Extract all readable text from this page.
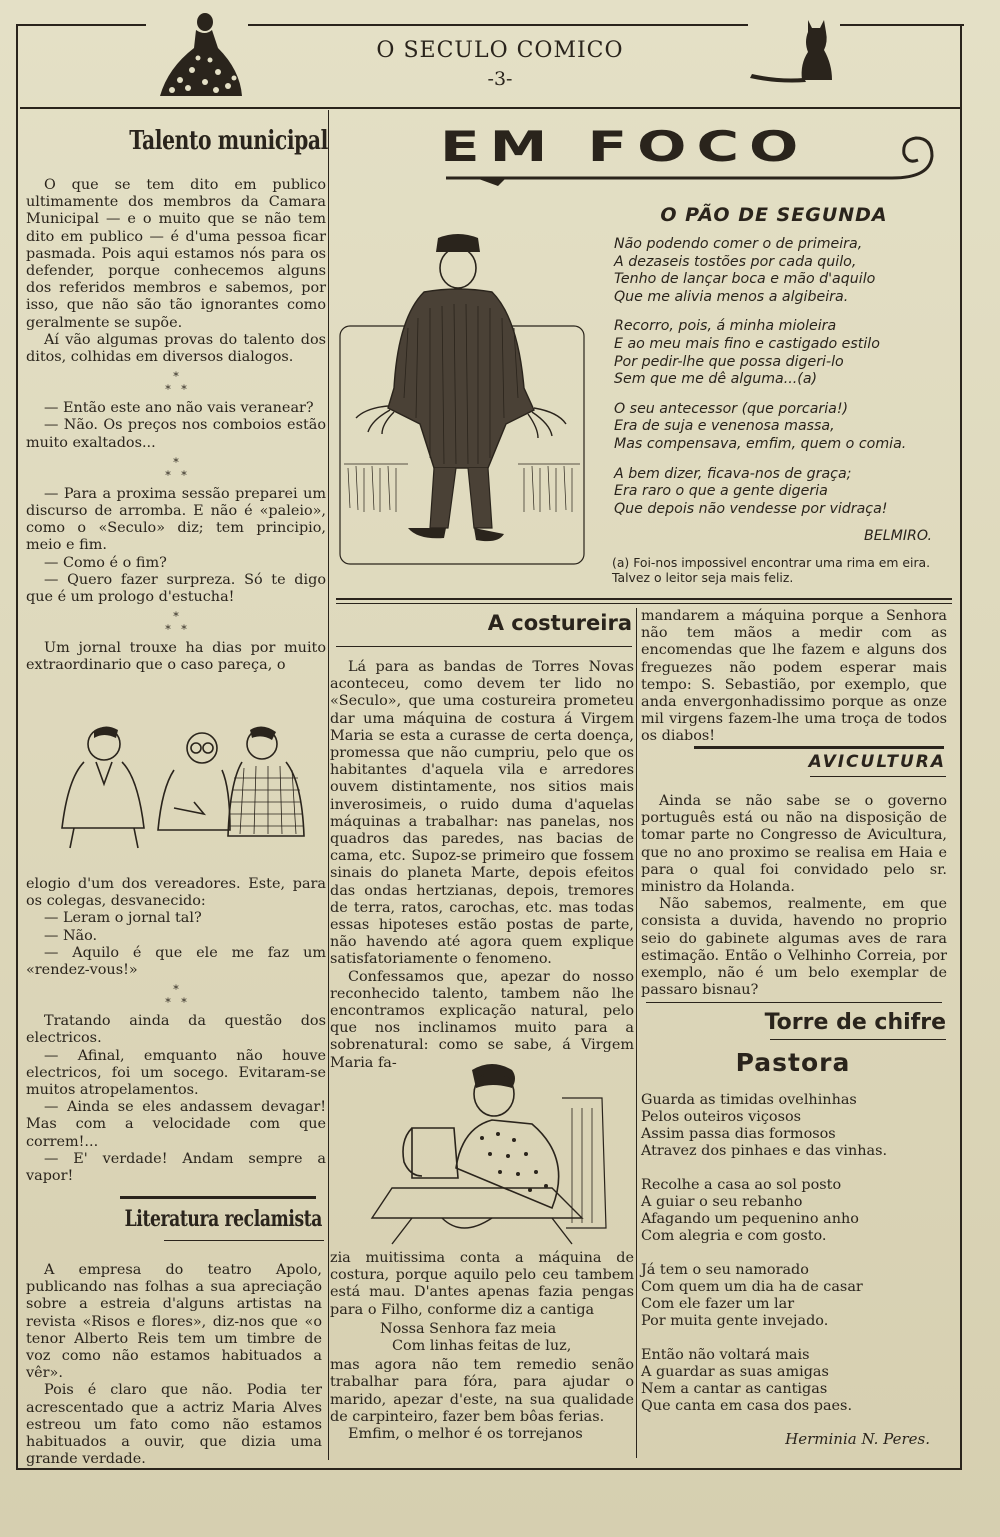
O SECULO COMICO
-3-
Talento municipal

O que se tem dito em publico ultimamente dos membros da Camara Municipal — e o muito que se não tem dito em publico — é d'uma pessoa ficar pasmada. Pois aqui estamos nós para os defender, porque conhecemos alguns dos referidos membros e sabemos, por isso, que não são tão ignorantes como geralmente se supõe.

Aí vão algumas provas do talento dos ditos, colhidas em diversos dialogos.

*
*   *

— Então este ano não vais veranear?

— Não. Os preços nos comboios estão muito exaltados...

*
*   *

— Para a proxima sessão preparei um discurso de arromba. E não é «paleio», como o «Seculo» diz; tem principio, meio e fim.

— Como é o fim?

— Quero fazer surpreza. Só te digo que é um prologo d'estucha!

*
*   *

Um jornal trouxe ha dias por muito extraordinario que o caso pareça, o

elogio d'um dos vereadores. Este, para os colegas, desvanecido:

— Leram o jornal tal?

— Não.

— Aquilo é que ele me faz um «rendez-vous!»

*
*   *

Tratando ainda da questão dos electricos.

— Afinal, emquanto não houve electricos, foi um socego. Evitaram-se muitos atropelamentos.

— Ainda se eles andassem devagar! Mas com a velocidade com que correm!...

— E' verdade! Andam sempre a vapor!

Literatura reclamista

A empresa do teatro Apolo, publicando nas folhas a sua apreciação sobre a estreia d'alguns artistas na revista «Risos e flores», diz-nos que «o tenor Alberto Reis tem um timbre de voz como não estamos habituados a vêr».

Pois é claro que não. Podia ter acrescentado que a actriz Maria Alves estreou um fato como não estamos habituados a ouvir, que dizia uma grande verdade.

EM FOCO
O PÃO DE SEGUNDA
Não podendo comer o de primeira,
A dezaseis tostões por cada quilo,
Tenho de lançar boca e mão d'aquilo
Que me alivia menos a algibeira.
Recorro, pois, á minha mioleira
E ao meu mais fino e castigado estilo
Por pedir-lhe que possa digeri-lo
Sem que me dê alguma...(a)
O seu antecessor (que porcaria!)
Era de suja e venenosa massa,
Mas compensava, emfim, quem o comia.
A bem dizer, ficava-nos de graça;
Era raro o que a gente digeria
Que depois não vendesse por vidraça!
BELMIRO.
(a) Foi-nos impossivel encontrar uma rima em eira. Talvez o leitor seja mais feliz.
A costureira

Lá para as bandas de Torres Novas aconteceu, como devem ter lido no «Seculo», que uma costureira prometeu dar uma máquina de costura á Virgem Maria se esta a curasse de certa doença, promessa que não cumpriu, pelo que os habitantes d'aquela vila e arredores ouvem distintamente, nos sitios mais inverosimeis, o ruido duma d'aquelas máquinas a trabalhar: nas panelas, nos quadros das paredes, nas bacias de cama, etc. Supoz-se primeiro que fossem sinais do planeta Marte, depois efeitos das ondas hertzianas, depois, tremores de terra, ratos, carochas, etc. mas todas essas hipoteses estão postas de parte, não havendo até agora quem explique satisfatoriamente o fenomeno.

Confessamos que, apezar do nosso reconhecido talento, tambem não lhe encontramos explicação natural, pelo que nos inclinamos muito para a sobrenatural: como se sabe, á Virgem Maria fa-

zia muitissima conta a máquina de costura, porque aquilo pelo ceu tambem está mau. D'antes apenas fazia pengas para o Filho, conforme diz a cantiga

Nossa Senhora faz meia
Com linhas feitas de luz,

mas agora não tem remedio senão trabalhar para fóra, para ajudar o marido, apezar d'este, na sua qualidade de carpinteiro, fazer bem bôas ferias.

Emfim, o melhor é os torrejanos

mandarem a máquina porque a Senhora não tem mãos a medir com as encomendas que lhe fazem e alguns dos freguezes não podem esperar mais tempo: S. Sebastião, por exemplo, que anda envergonhadissimo porque as onze mil virgens fazem-lhe uma troça de todos os diabos!

AVICULTURA

Ainda se não sabe se o governo português está ou não na disposição de tomar parte no Congresso de Avicultura, que no ano proximo se realisa em Haia e para o qual foi convidado pelo sr. ministro da Holanda.

Não sabemos, realmente, em que consista a duvida, havendo no proprio seio do gabinete algumas aves de rara estimação. Então o Velhinho Correia, por exemplo, não é um belo exemplar de passaro bisnau?

Torre de chifre
Pastora
Guarda as timidas ovelhinhas
Pelos outeiros viçosos
Assim passa dias formosos
Atravez dos pinhaes e das vinhas.
Recolhe a casa ao sol posto
A guiar o seu rebanho
Afagando um pequenino anho
Com alegria e com gosto.
Já tem o seu namorado
Com quem um dia ha de casar
Com ele fazer um lar
Por muita gente invejado.
Então não voltará mais
A guardar as suas amigas
Nem a cantar as cantigas
Que canta em casa dos paes.
Herminia N. Peres.
